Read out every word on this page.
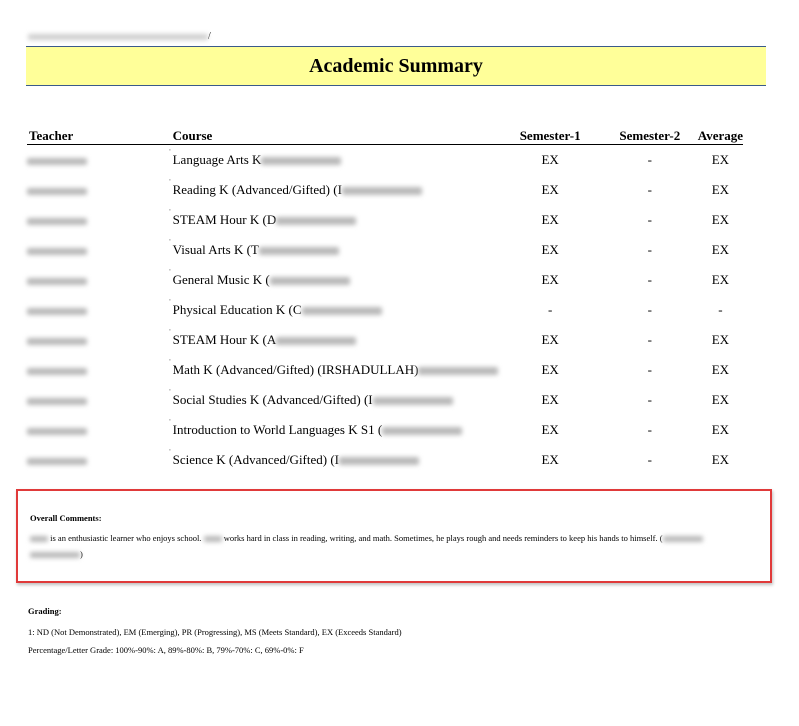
/
Academic Summary
Teacher	Course	Semester-1	Semester-2	Average

	ˈ Language Arts K	EX	-	EX

	ˈ Reading K (Advanced/Gifted) (I	EX	-	EX

	ˈ STEAM Hour K (D	EX	-	EX

	ˈ Visual Arts K (T	EX	-	EX

	ˈ General Music K (	EX	-	EX

	ˈ Physical Education K (C	-	-	-

	ˈ STEAM Hour K (A	EX	-	EX

	ˈ Math K (Advanced/Gifted) (IRSHADULLAH)	EX	-	EX

	ˈ Social Studies K (Advanced/Gifted) (I	EX	-	EX

	ˈ Introduction to World Languages K S1 (	EX	-	EX

	ˈ Science K (Advanced/Gifted) (I	EX	-	EX
Overall Comments:
is an enthusiastic learner who enjoys school.	works hard in class in reading, writing, and math. Sometimes, he plays rough and needs reminders to keep his hands to himself. (
)
Grading:
1: ND (Not Demonstrated), EM (Emerging), PR (Progressing), MS (Meets Standard), EX (Exceeds Standard)
Percentage/Letter Grade: 100%-90%: A, 89%-80%: B, 79%-70%: C, 69%-0%: F
